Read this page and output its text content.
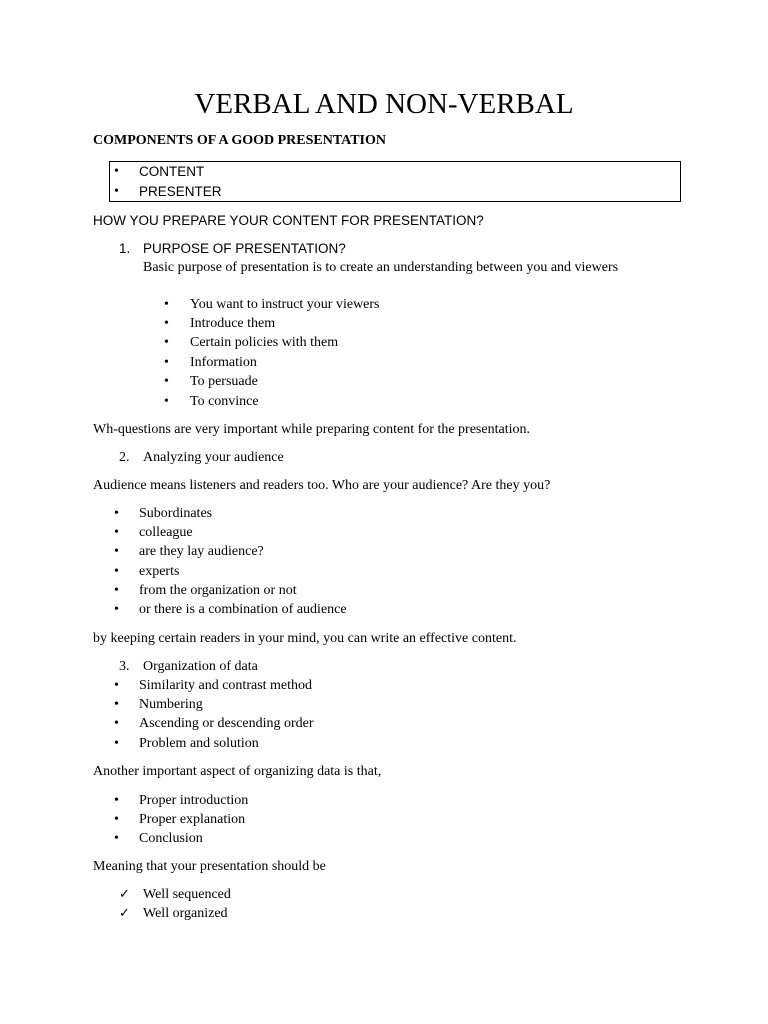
VERBAL AND NON-VERBAL
COMPONENTS OF A GOOD PRESENTATION
• CONTENT
• PRESENTER
HOW YOU PREPARE YOUR CONTENT FOR PRESENTATION?
1. PURPOSE OF PRESENTATION?
Basic purpose of presentation is to create an understanding between you and viewers
• You want to instruct your viewers
• Introduce them
• Certain policies with them
• Information
• To persuade
• To convince
Wh-questions are very important while preparing content for the presentation.
2. Analyzing your audience
Audience means listeners and readers too. Who are your audience? Are they you?
• Subordinates
• colleague
• are they lay audience?
• experts
• from the organization or not
• or there is a combination of audience
by keeping certain readers in your mind, you can write an effective content.
3. Organization of data
• Similarity and contrast method
• Numbering
• Ascending or descending order
• Problem and solution
Another important aspect of organizing data is that,
• Proper introduction
• Proper explanation
• Conclusion
Meaning that your presentation should be
✓ Well sequenced
✓ Well organized
